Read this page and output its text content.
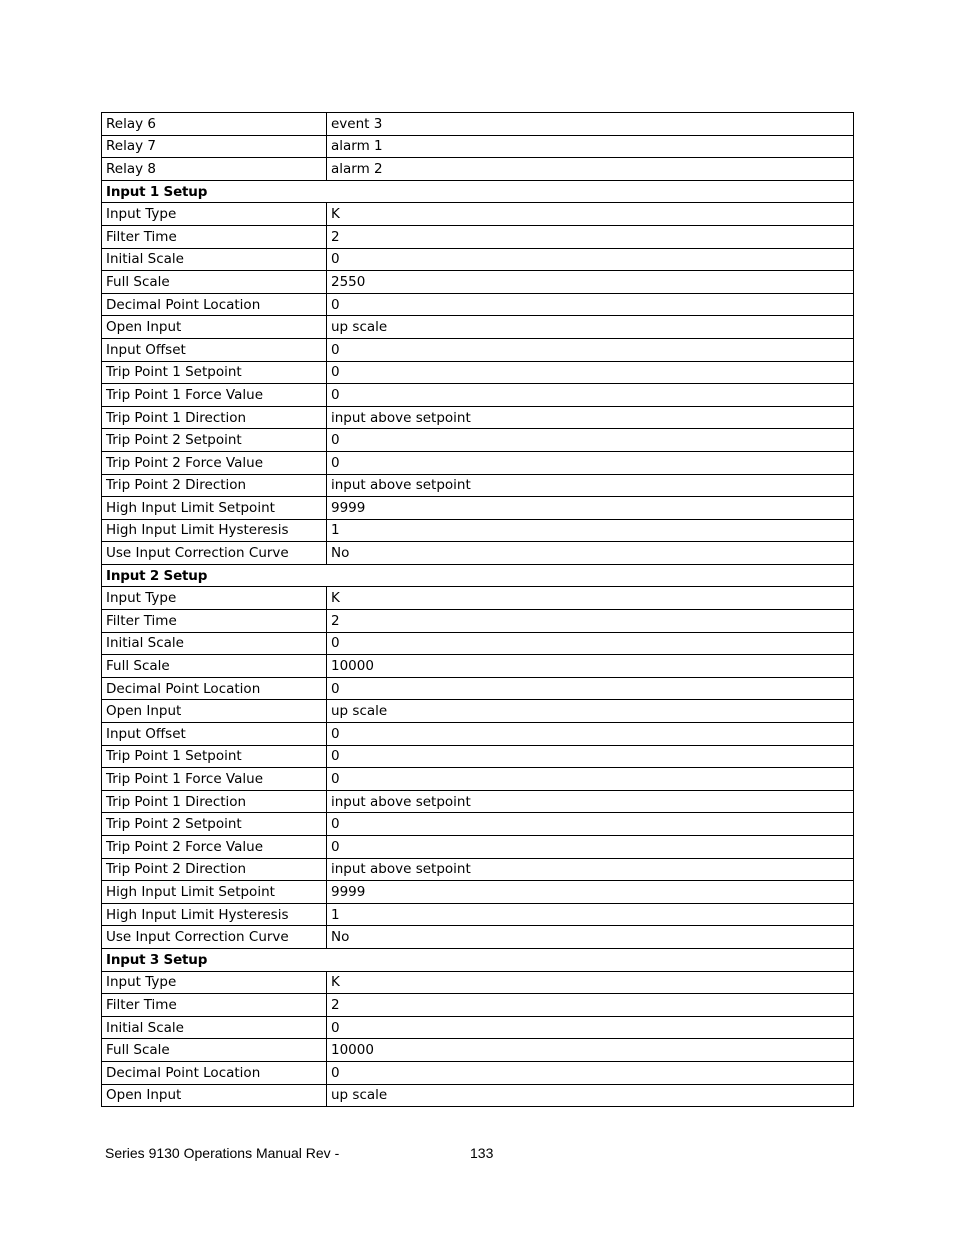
Relay 6	event 3
Relay 7	alarm 1
Relay 8	alarm 2
Input 1 Setup	
Input Type	K
Filter Time	2
Initial Scale	0
Full Scale	2550
Decimal Point Location	0
Open Input	up scale
Input Offset	0
Trip Point 1 Setpoint	0
Trip Point 1 Force Value	0
Trip Point 1 Direction	input above setpoint
Trip Point 2 Setpoint	0
Trip Point 2 Force Value	0
Trip Point 2 Direction	input above setpoint
High Input Limit Setpoint	9999
High Input Limit Hysteresis	1
Use Input Correction Curve	No
Input 2 Setup	
Input Type	K
Filter Time	2
Initial Scale	0
Full Scale	10000
Decimal Point Location	0
Open Input	up scale
Input Offset	0
Trip Point 1 Setpoint	0
Trip Point 1 Force Value	0
Trip Point 1 Direction	input above setpoint
Trip Point 2 Setpoint	0
Trip Point 2 Force Value	0
Trip Point 2 Direction	input above setpoint
High Input Limit Setpoint	9999
High Input Limit Hysteresis	1
Use Input Correction Curve	No
Input 3 Setup	
Input Type	K
Filter Time	2
Initial Scale	0
Full Scale	10000
Decimal Point Location	0
Open Input	up scale
Series 9130 Operations Manual Rev -	133
